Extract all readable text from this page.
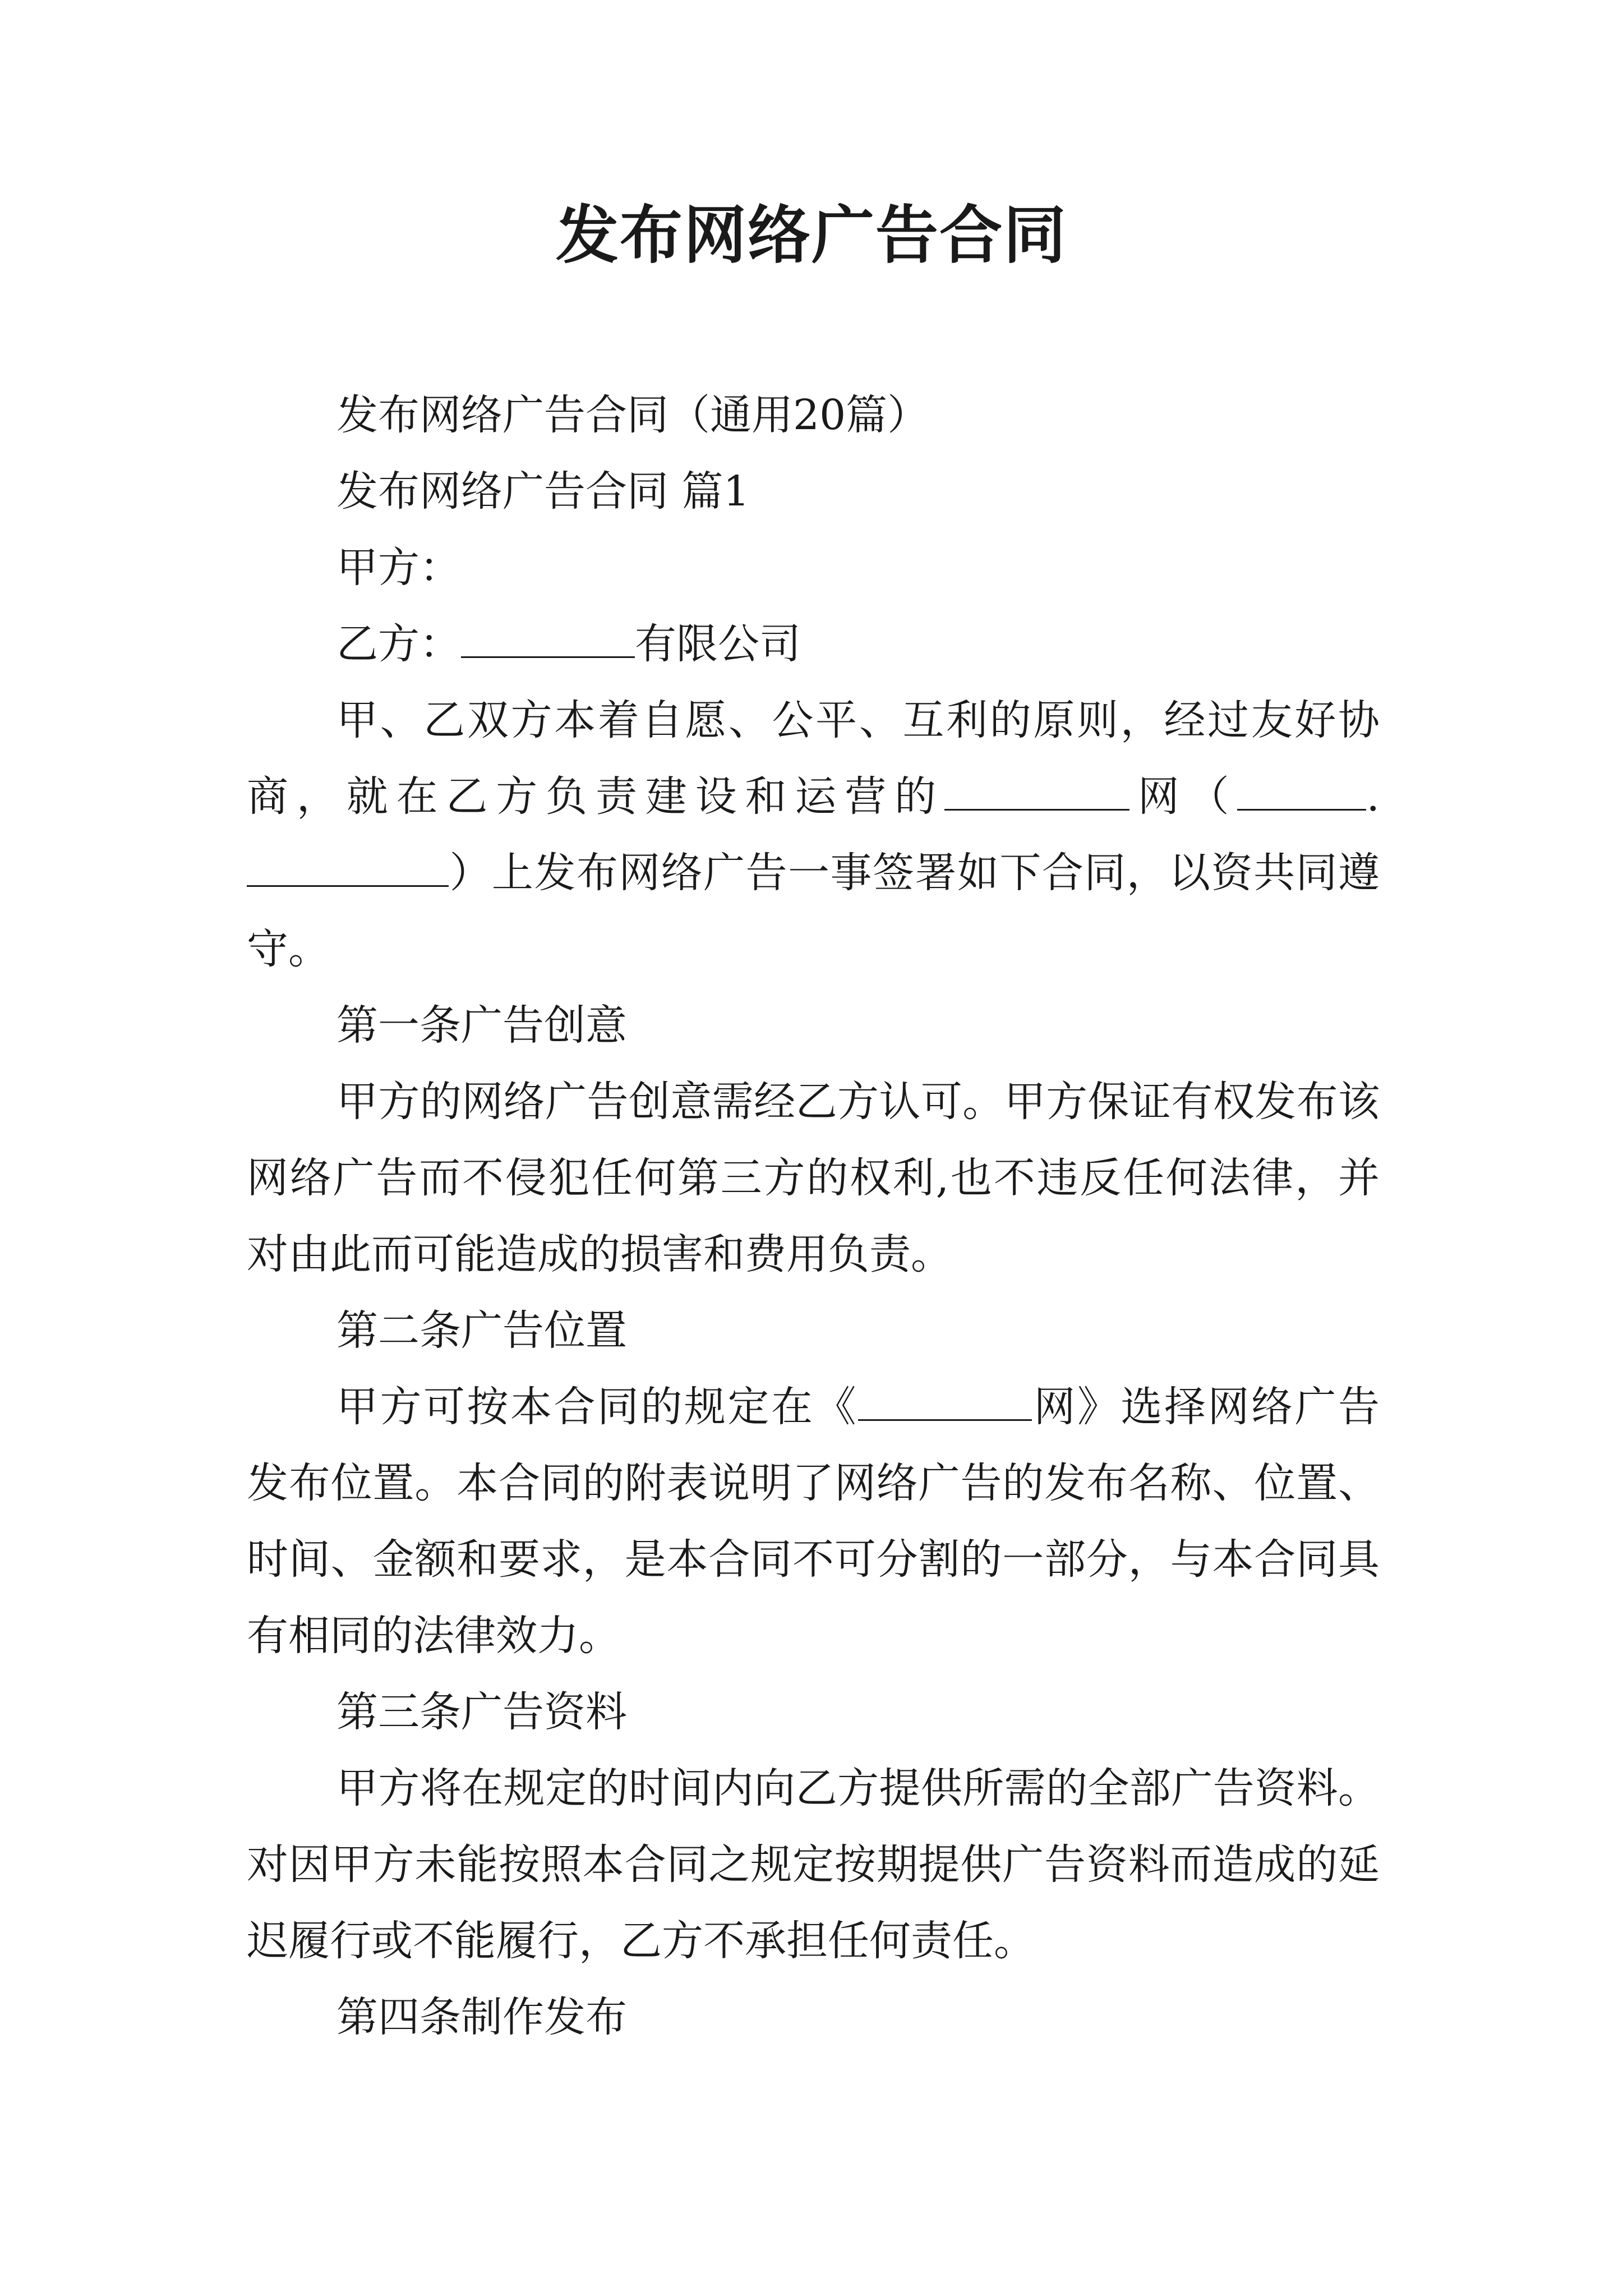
发布网络广告合同

发布网络广告合同（通用20篇）

发布网络广告合同 篇1

甲方：

乙方：	有限公司

甲、乙双方本着自愿、公平、互利的原则，经过友好协商，就在乙方负责建设和运营的	网（	.）上发布网络广告一事签署如下合同，以资共同遵守。

第一条广告创意

甲方的网络广告创意需经乙方认可。甲方保证有权发布该网络广告而不侵犯任何第三方的权利,也不违反任何法律，并对由此而可能造成的损害和费用负责。

第二条广告位置

甲方可按本合同的规定在《	网》选择网络广告发布位置。本合同的附表说明了网络广告的发布名称、位置、时间、金额和要求，是本合同不可分割的一部分，与本合同具有相同的法律效力。

第三条广告资料

甲方将在规定的时间内向乙方提供所需的全部广告资料。对因甲方未能按照本合同之规定按期提供广告资料而造成的延迟履行或不能履行，乙方不承担任何责任。

第四条制作发布
